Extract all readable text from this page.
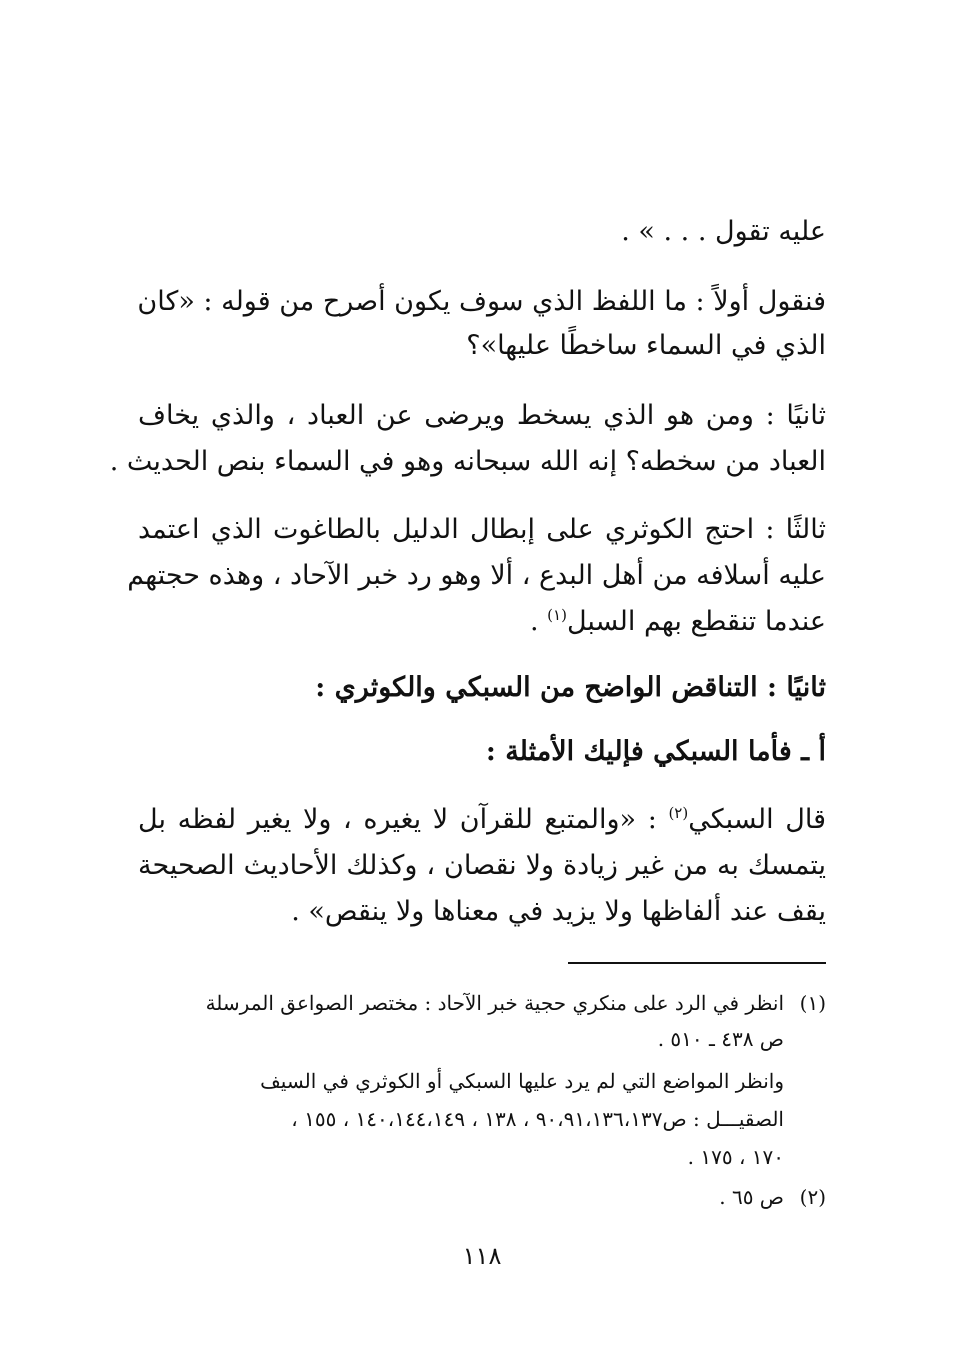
عليه تقول . . . » .
فنقول أولاً : ما اللفظ الذي سوف يكون أصرح من قوله : «كان
الذي في السماء ساخطًا عليها»؟
ثانيًا : ومن هو الذي يسخط ويرضى عن العباد ، والذي يخاف
العباد من سخطه؟ إنه الله سبحانه وهو في السماء بنص الحديث .
ثالثًا : احتج الكوثري على إبطال الدليل بالطاغوت الذي اعتمد
عليه أسلافه من أهل البدع ، ألا وهو رد خبر الآحاد ، وهذه حجتهم
عندما تنقطع بهم السبل$^{(١)}$ .
ثانيًا : التناقض الواضح من السبكي والكوثري :
أ ـ فأما السبكي فإليك الأمثلة :
قال السبكي$^{(٢)}$ : «والمتبع للقرآن لا يغيره ، ولا يغير لفظه بل
يتمسك به من غير زيادة ولا نقصان ، وكذلك الأحاديث الصحيحة
يقف عند ألفاظها ولا يزيد في معناها ولا ينقص» .
(١)انظر في الرد على منكري حجية خبر الآحاد : مختصر الصواعق المرسلة
ص ٤٣٨ ـ ٥١٠ .
وانظر المواضع التي لم يرد عليها السبكي أو الكوثري في السيف
الصقيـــل : ص٩٠،٩١،١٣٦،١٣٧ ، ١٣٨ ، ١٤٠،١٤٤،١٤٩ ، ١٥٥ ،
١٧٠ ، ١٧٥ .
(٢)ص ٦٥ .
١١٨
